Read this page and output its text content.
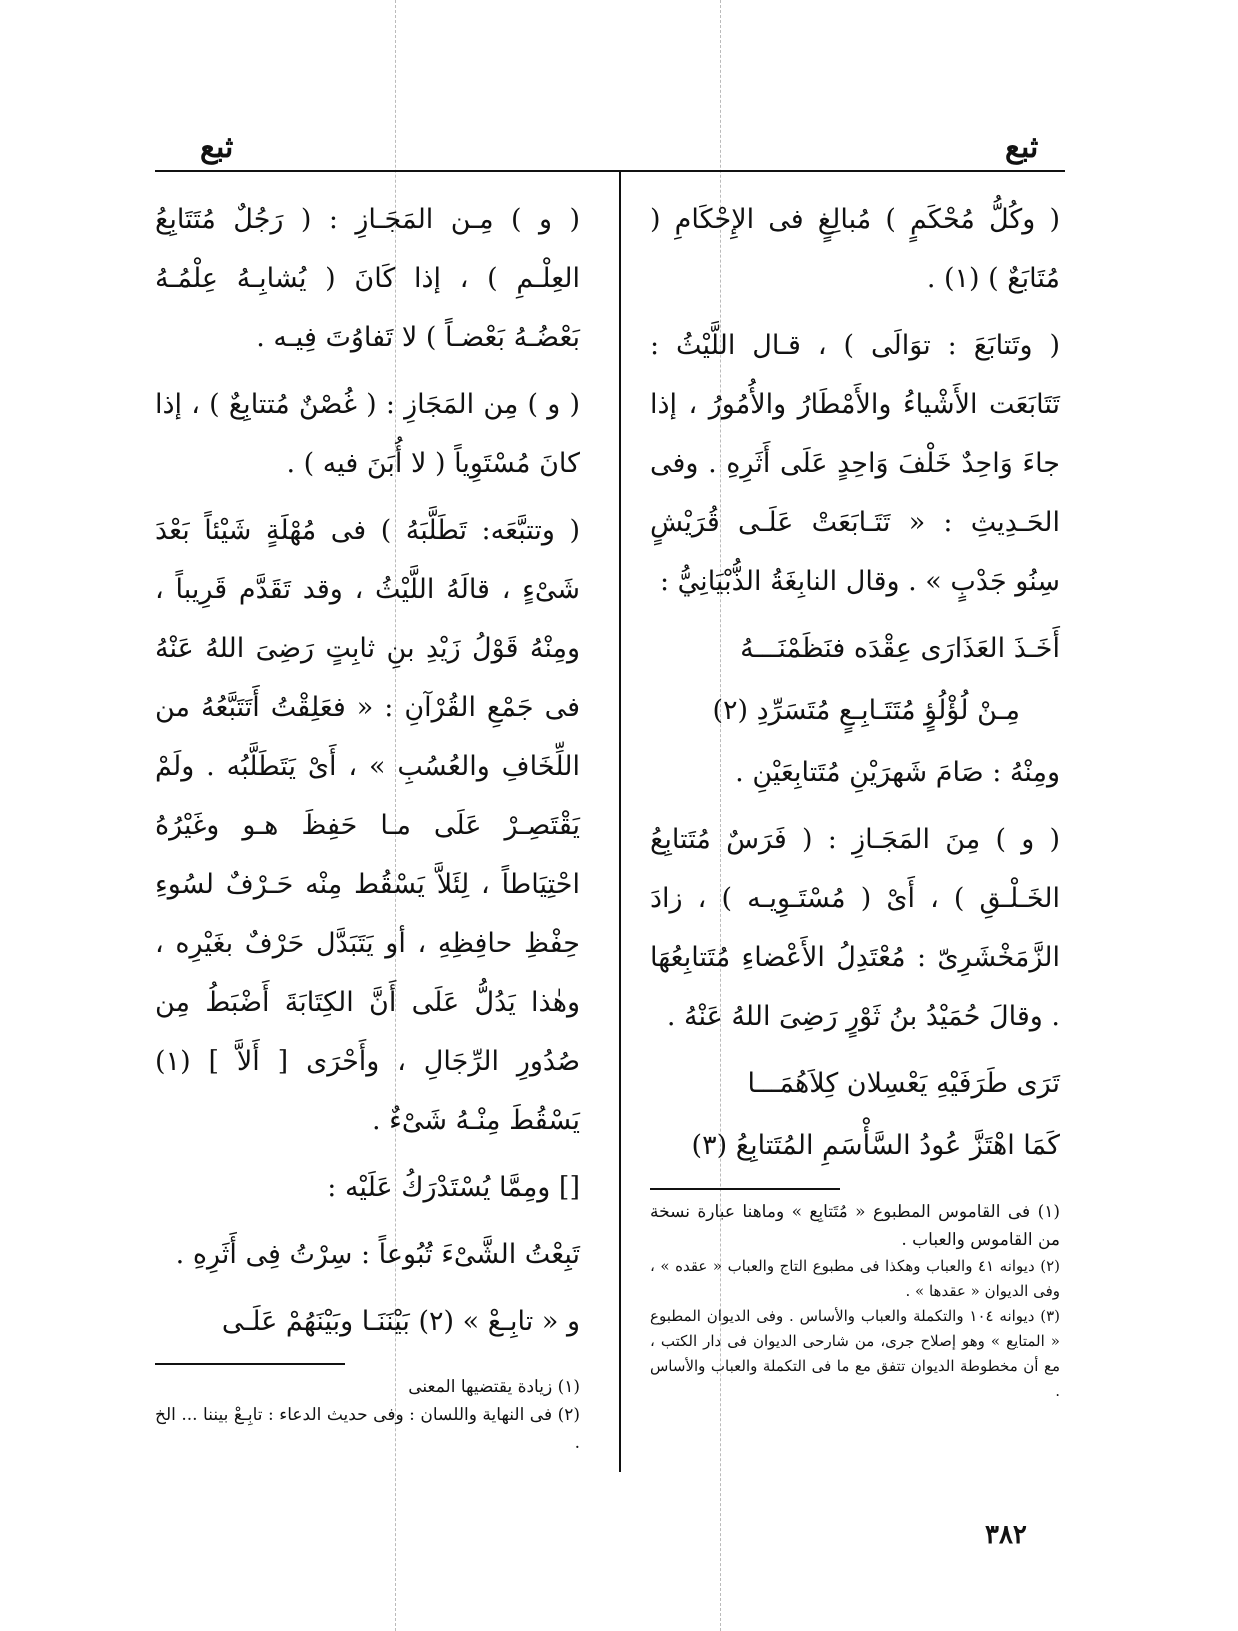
ثبع
ثبع

( وكُلُّ مُحْكَمٍ ) مُبالِغٍ فى الإِحْكَامِ ( مُتَابَعٌ ) (١) .

( وتَتابَعَ : توَالَى ) ، قـال اللَّيْثُ : تَتَابَعَت الأَشْياءُ والأَمْطَارُ والأُمُورُ ، إذا جاءَ وَاحِدٌ خَلْفَ وَاحِدٍ عَلَى أَثَرِهِ . وفى الحَـدِيثِ : « تَتَـابَعَتْ عَلَـى قُرَيْشٍ سِنُو جَدْبٍ » . وقال النابِغَةُ الذُّبْيَانِيُّ :

أَخَـذَ العَذَارَى عِقْدَه فنَظَمْنَـــهُ

مِـنْ لُؤْلُؤٍ مُتَتَـابِـعٍ مُتَسَرِّدِ (٢)

ومِنْهُ : صَامَ شَهرَيْنِ مُتَتابِعَيْنِ .

( و ) مِنَ المَجَـازِ : ( فَرَسٌ مُتَتابِعُ الخَـلْـقِ ) ، أَىْ ( مُسْتَـوِيـه ) ، زادَ الزَّمَخْشَرِىّ : مُعْتَدِلُ الأَعْضاءِ مُتَتابِعُهَا . وقالَ حُمَيْدُ بنُ ثَوْرٍ رَضِىَ اللهُ عَنْهُ .

تَرَى طَرَفَيْهِ يَعْسِلان كِلاَهُمَـــا

كَمَا اهْتَزَّ عُودُ السَّأْسَمِ المُتَتابِعُ (٣)

(١) فى القاموس المطبوع « مُتَتابِع » وماهنا عبارة نسخة من القاموس والعباب .

(٢) ديوانه ٤١ والعباب وهكذا فى مطبوع التاج والعباب « عقده » ، وفى الديوان « عقدها » .

(٣) ديوانه ١٠٤ والتكملة والعباب والأساس . وفى الديوان المطبوع « المتايع » وهو إصلاح جرى، من شارحى الديوان فى دار الكتب ، مع أن مخطوطة الديوان تتفق مع ما فى التكملة والعباب والأساس .

( و ) مِـن المَجَـازِ : ( رَجُلٌ مُتَتَابِعُ العِلْـمِ ) ، إذا كَانَ ( يُشابِـهُ عِلْمُـهُ بَعْضُـهُ بَعْضـاً ) لا تَفاوُتَ فِيـه .

( و ) مِن المَجَازِ : ( غُصْنٌ مُتتابِعٌ ) ، إذا كانَ مُسْتَوِياً ( لا أُبَنَ فيه ) .

( وتتبَّعَه: تَطَلَّبَهُ ) فى مُهْلَةٍ شَيْئاً بَعْدَ شَىْءٍ ، قالَهُ اللَّيْثُ ، وقد تَقَدَّم قَرِيباً ، ومِنْهُ قَوْلُ زَيْدِ بنِ ثابِتٍ رَضِىَ اللهُ عَنْهُ فى جَمْعِ القُرْآنِ : « فعَلِقْتُ أَتَتَبَّعُهُ من اللِّخَافِ والعُسُبِ » ، أَىْ يَتَطَلَّبُه . ولَمْ يَقْتَصِـرْ عَلَى مـا حَفِظَ هـو وغَيْرُهُ احْتِيَاطاً ، لِئَلاَّ يَسْقُط مِنْه حَـرْفٌ لسُوءِ حِفْظِ حافِظِهِ ، أو يَتَبَدَّل حَرْفٌ بغَيْرِه ، وهٰذا يَدُلُّ عَلَى أَنَّ الكِتَابَةَ أَضْبَطُ مِن صُدُورِ الرِّجَالِ ، وأَحْرَى [ أَلاَّ ] (١) يَسْقُطَ مِنْـهُ شَىْءٌ .

[] ومِمَّا يُسْتَدْرَكُ عَلَيْه :

تَبِعْتُ الشَّىْءَ تُبُوعاً : سِرْتُ فِى أَثَرِهِ .

و « تابِـعْ » (٢) بَيْنَنَـا وبَيْنَهُمْ عَلَـى

(١) زيادة يقتضيها المعنى

(٢) فى النهاية واللسان : وفى حديث الدعاء : تابِـعْ بيننا ... الخ .

٣٨٢
